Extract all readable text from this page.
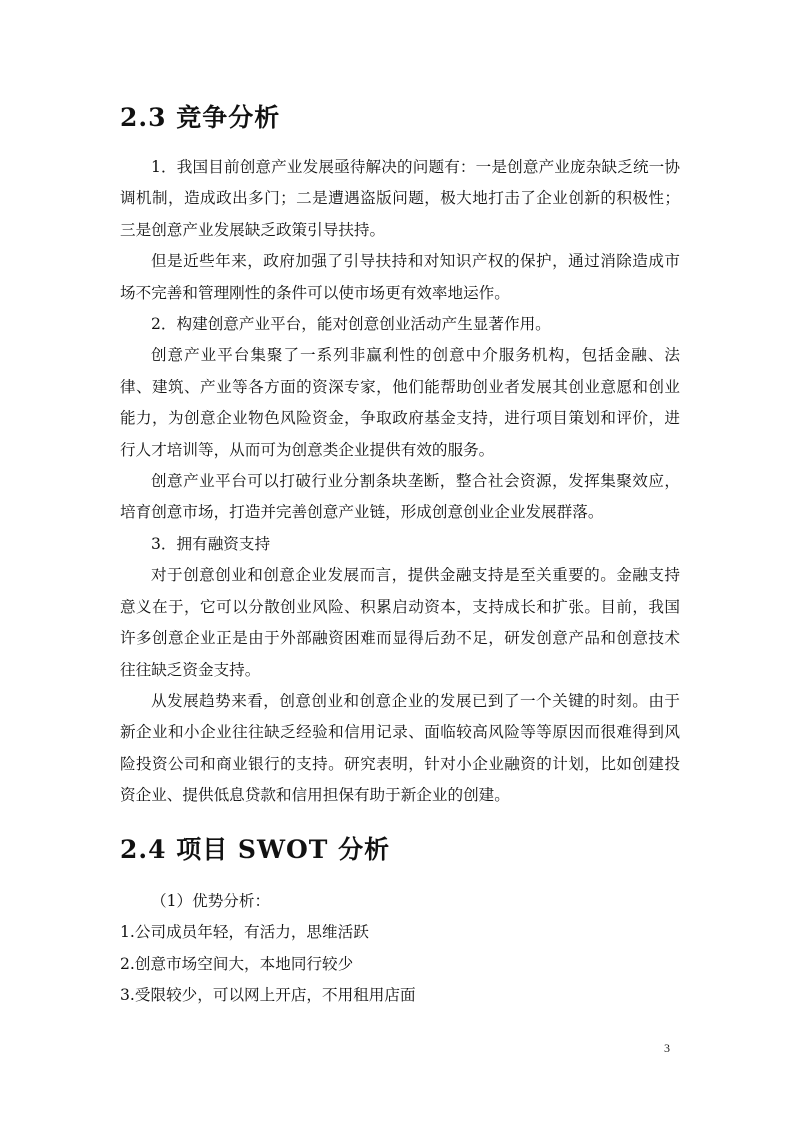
2.3 竞争分析

1．我国目前创意产业发展亟待解决的问题有：一是创意产业庞杂缺乏统一协调机制，造成政出多门；二是遭遇盗版问题，极大地打击了企业创新的积极性；三是创意产业发展缺乏政策引导扶持。

但是近些年来，政府加强了引导扶持和对知识产权的保护，通过消除造成市场不完善和管理刚性的条件可以使市场更有效率地运作。

2．构建创意产业平台，能对创意创业活动产生显著作用。

创意产业平台集聚了一系列非赢利性的创意中介服务机构，包括金融、法律、建筑、产业等各方面的资深专家，他们能帮助创业者发展其创业意愿和创业能力，为创意企业物色风险资金，争取政府基金支持，进行项目策划和评价，进行人才培训等，从而可为创意类企业提供有效的服务。

创意产业平台可以打破行业分割条块垄断，整合社会资源，发挥集聚效应，培育创意市场，打造并完善创意产业链，形成创意创业企业发展群落。

3．拥有融资支持

对于创意创业和创意企业发展而言，提供金融支持是至关重要的。金融支持意义在于，它可以分散创业风险、积累启动资本，支持成长和扩张。目前，我国许多创意企业正是由于外部融资困难而显得后劲不足，研发创意产品和创意技术往往缺乏资金支持。

从发展趋势来看，创意创业和创意企业的发展已到了一个关键的时刻。由于新企业和小企业往往缺乏经验和信用记录、面临较高风险等等原因而很难得到风险投资公司和商业银行的支持。研究表明，针对小企业融资的计划，比如创建投资企业、提供低息贷款和信用担保有助于新企业的创建。

2.4 项目 SWOT 分析

（1）优势分析：

1.公司成员年轻，有活力，思维活跃

2.创意市场空间大，本地同行较少

3.受限较少，可以网上开店，不用租用店面

3
